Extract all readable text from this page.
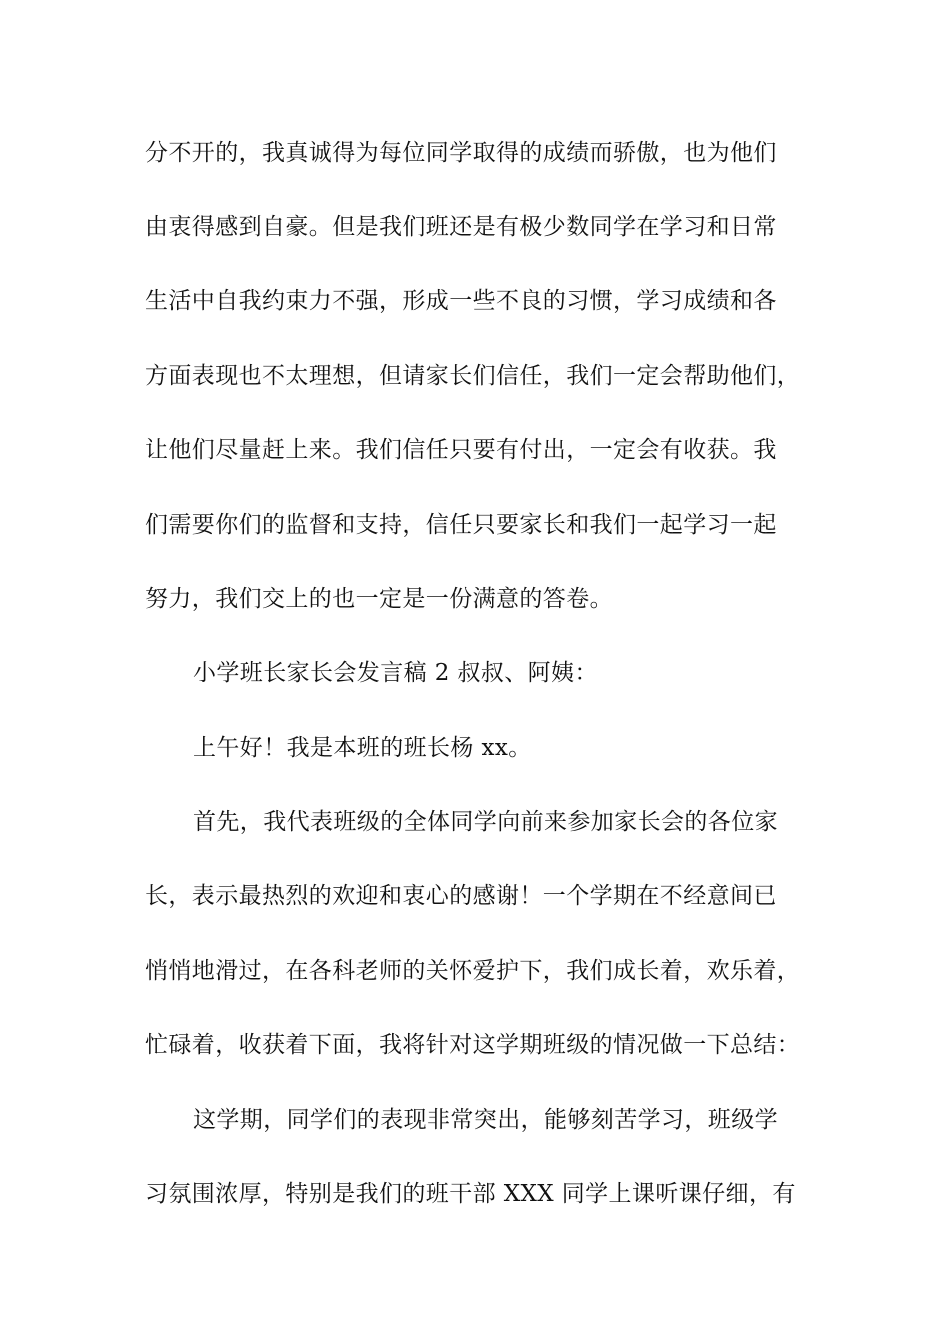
分不开的，我真诚得为每位同学取得的成绩而骄傲，也为他们
由衷得感到自豪。但是我们班还是有极少数同学在学习和日常
生活中自我约束力不强，形成一些不良的习惯，学习成绩和各
方面表现也不太理想，但请家长们信任，我们一定会帮助他们，
让他们尽量赶上来。我们信任只要有付出，一定会有收获。我
们需要你们的监督和支持，信任只要家长和我们一起学习一起
努力，我们交上的也一定是一份满意的答卷。
小学班长家长会发言稿 2 叔叔、阿姨：
上午好！我是本班的班长杨 xx。
首先，我代表班级的全体同学向前来参加家长会的各位家
长，表示最热烈的欢迎和衷心的感谢！一个学期在不经意间已
悄悄地滑过，在各科老师的关怀爱护下，我们成长着，欢乐着，
忙碌着，收获着下面，我将针对这学期班级的情况做一下总结：
这学期，同学们的表现非常突出，能够刻苦学习，班级学
习氛围浓厚，特别是我们的班干部 XXX 同学上课听课仔细，有
